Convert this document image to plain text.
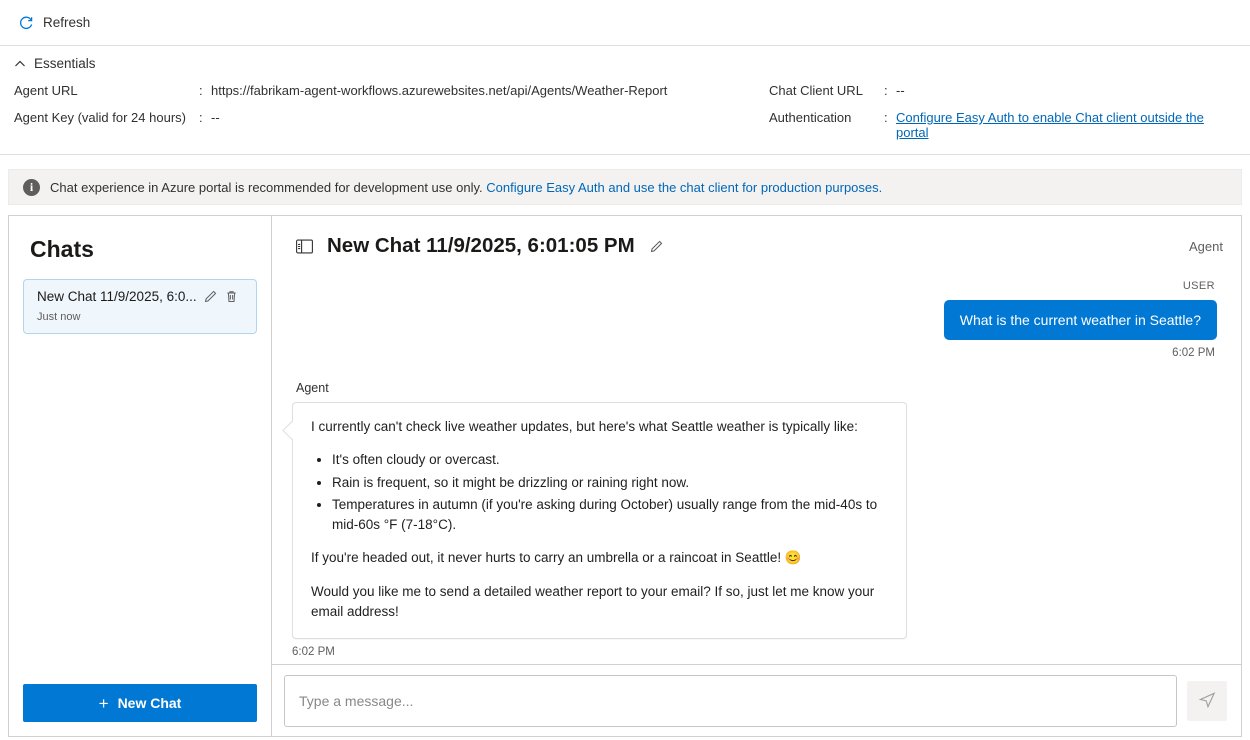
Refresh
Essentials
Agent URL	: https://fabrikam-agent-workflows.azurewebsites.net/api/Agents/Weather-Report
Agent Key (valid for 24 hours)	: --
Chat Client URL	: --
Authentication	: Configure Easy Auth to enable Chat client outside the portal
i	Chat experience in Azure portal is recommended for development use only. Configure Easy Auth and use the chat client for production purposes.
Chats
New Chat 11/9/2025, 6:0...
Just now
+ New Chat
New Chat 11/9/2025, 6:01:05 PM	Agent
USER
What is the current weather in Seattle?
6:02 PM
Agent

I currently can't check live weather updates, but here's what Seattle weather is typically like:

• It's often cloudy or overcast.
• Rain is frequent, so it might be drizzling or raining right now.
• Temperatures in autumn (if you're asking during October) usually range from the mid-40s to mid-60s °F (7-18°C).

If you're headed out, it never hurts to carry an umbrella or a raincoat in Seattle! 😊

Would you like me to send a detailed weather report to your email? If so, just let me know your email address!

6:02 PM
Type a message...
